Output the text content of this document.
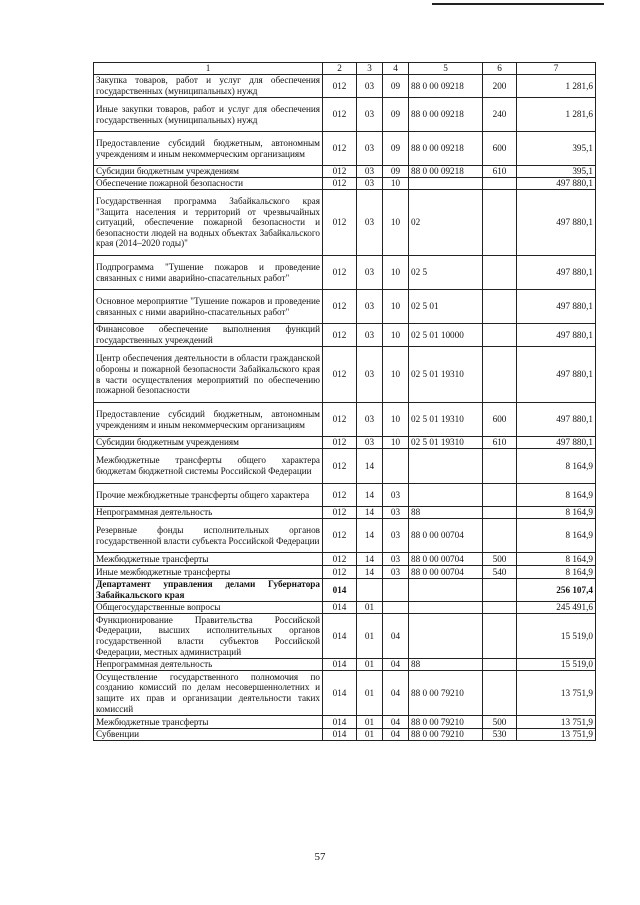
1	2	3	4	5	6	7
Закупка товаров, работ и услуг для обеспечения государственных (муниципальных) нужд	012	03	09	88 0 00 09218	200	1 281,6
Иные закупки товаров, работ и услуг для обеспечения государственных (муниципальных) нужд	012	03	09	88 0 00 09218	240	1 281,6
Предоставление субсидий бюджетным, автономным учреждениям и иным некоммерческим организациям	012	03	09	88 0 00 09218	600	395,1
Субсидии бюджетным учреждениям	012	03	09	88 0 00 09218	610	395,1
Обеспечение пожарной безопасности	012	03	10			497 880,1
Государственная программа Забайкальского края "Защита населения и территорий от чрезвычайных ситуаций, обеспечение пожарной безопасности и безопасности людей на водных объектах Забайкальского края (2014–2020 годы)"	012	03	10	02		497 880,1
Подпрограмма "Тушение пожаров и проведение связанных с ними аварийно-спасательных работ"	012	03	10	02 5		497 880,1
Основное мероприятие "Тушение пожаров и проведение связанных с ними аварийно-спасательных работ"	012	03	10	02 5 01		497 880,1
Финансовое обеспечение выполнения функций государственных учреждений	012	03	10	02 5 01 10000		497 880,1
Центр обеспечения деятельности в области гражданской обороны и пожарной безопасности Забайкальского края в части осуществления мероприятий по обеспечению пожарной безопасности	012	03	10	02 5 01 19310		497 880,1
Предоставление субсидий бюджетным, автономным учреждениям и иным некоммерческим организациям	012	03	10	02 5 01 19310	600	497 880,1
Субсидии бюджетным учреждениям	012	03	10	02 5 01 19310	610	497 880,1
Межбюджетные трансферты общего характера бюджетам бюджетной системы Российской Федерации	012	14				8 164,9
Прочие межбюджетные трансферты общего характера	012	14	03			8 164,9
Непрограммная деятельность	012	14	03	88		8 164,9
Резервные фонды исполнительных органов государственной власти субъекта Российской Федерации	012	14	03	88 0 00 00704		8 164,9
Межбюджетные трансферты	012	14	03	88 0 00 00704	500	8 164,9
Иные межбюджетные трансферты	012	14	03	88 0 00 00704	540	8 164,9
Департамент управления делами Губернатора Забайкальского края	014					256 107,4
Общегосударственные вопросы	014	01				245 491,6
Функционирование Правительства Российской Федерации, высших исполнительных органов государственной власти субъектов Российской Федерации, местных администраций	014	01	04			15 519,0
Непрограммная деятельность	014	01	04	88		15 519,0
Осуществление государственного полномочия по созданию комиссий по делам несовершеннолетних и защите их прав и организации деятельности таких комиссий	014	01	04	88 0 00 79210		13 751,9
Межбюджетные трансферты	014	01	04	88 0 00 79210	500	13 751,9
Субвенции	014	01	04	88 0 00 79210	530	13 751,9
57
